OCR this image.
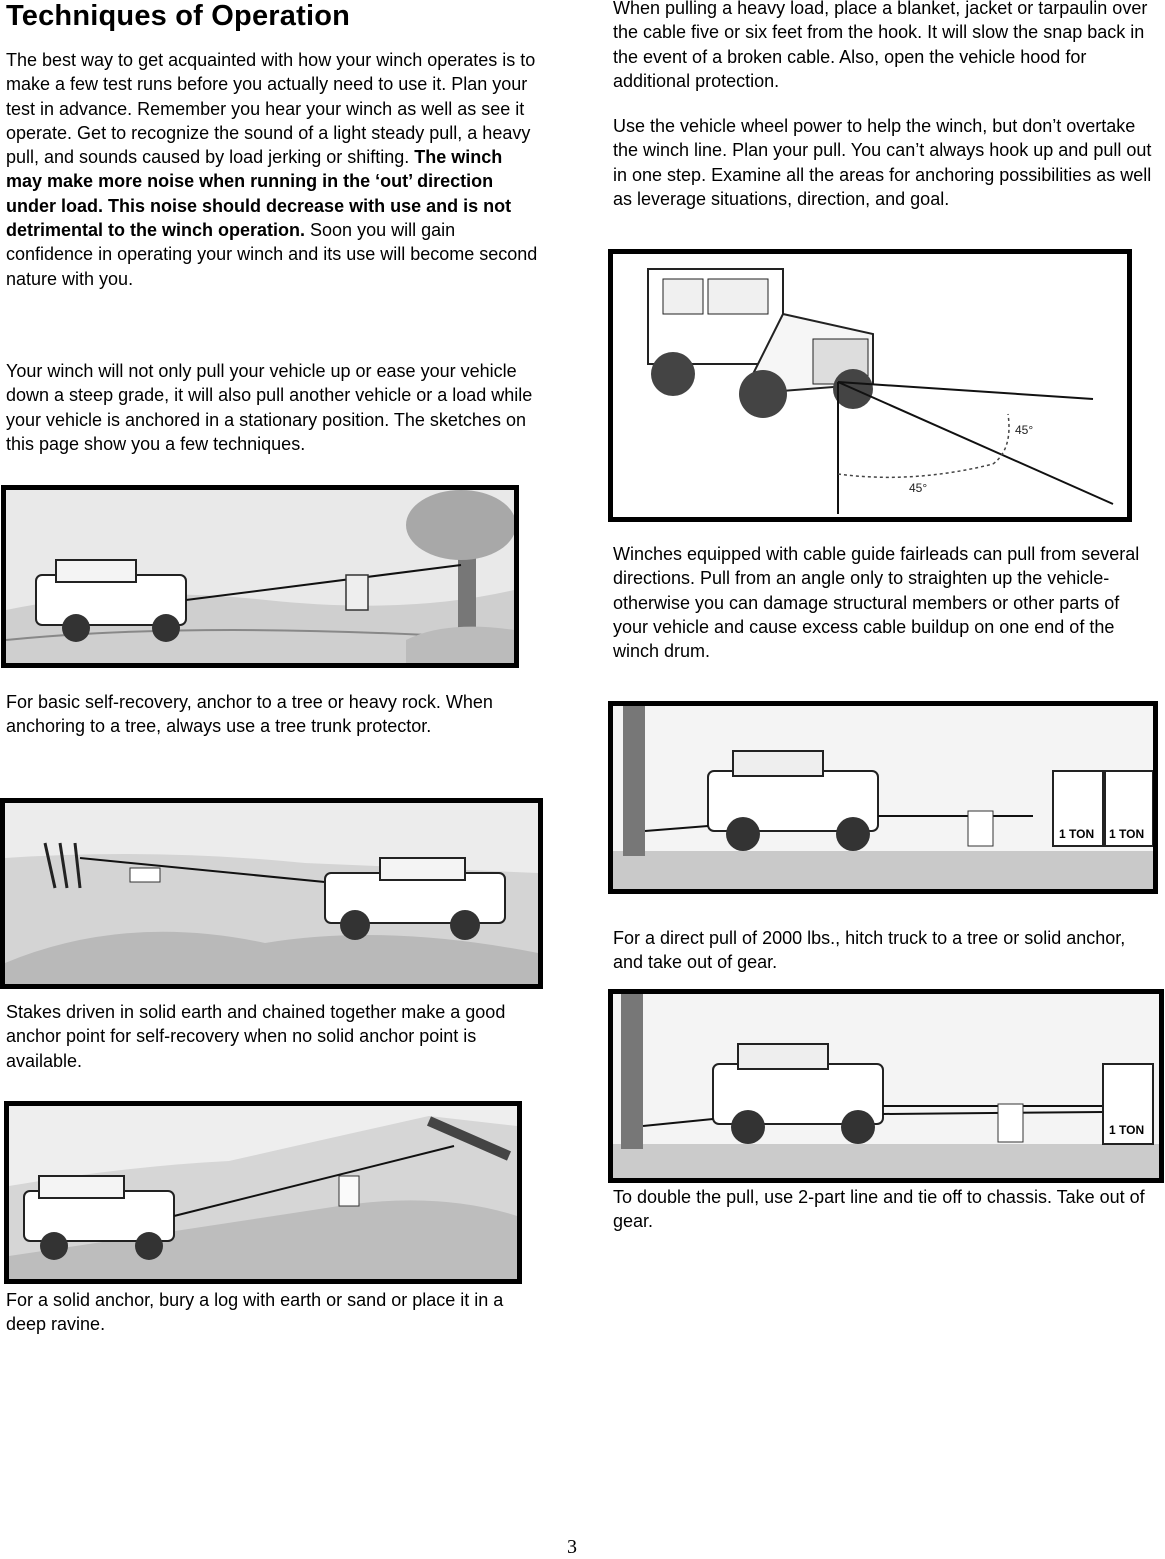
Techniques of Operation

The best way to get acquainted with how your winch operates is to make a few test runs before you actually need to use it. Plan your test in advance. Remember you hear your winch as well as see it operate. Get to recognize the sound of a light steady pull, a heavy pull, and sounds caused by load jerking or shifting. The winch may make more noise when running in the ‘out’ direction under load. This noise should decrease with use and is not detrimental to the winch operation. Soon you will gain confidence in operating your winch and its use will become second nature with you.

Your winch will not only pull your vehicle up or ease your vehicle down a steep grade, it will also pull another vehicle or a load while your vehicle is anchored in a stationary position. The sketches on this page show you a few techniques.

For basic self-recovery, anchor to a tree or heavy rock. When anchoring to a tree, always use a tree trunk protector.

Stakes driven in solid earth and chained together make a good anchor point for self-recovery when no solid anchor point is available.

For a solid anchor, bury a log with earth or sand or place it in a deep ravine.

When pulling a heavy load, place a blanket, jacket or tarpaulin over the cable five or six feet from the hook. It will slow the snap back in the event of a broken cable. Also, open the vehicle hood for additional protection.

Use the vehicle wheel power to help the winch, but don’t overtake the winch line. Plan your pull. You can’t always hook up and pull out in one step. Examine all the areas for anchoring possibilities as well as leverage situations, direction, and goal.

45°
45°

Winches equipped with cable guide fairleads can pull from several directions. Pull from an angle only to straighten up the vehicle-otherwise you can damage structural members or other parts of your vehicle and cause excess cable buildup on one end of the winch drum.

1 TON 1 TON

For a direct pull of 2000 lbs., hitch truck to a tree or solid anchor, and take out of gear.

1 TON

To double the pull, use 2-part line and tie off to chassis. Take out of gear.

3
